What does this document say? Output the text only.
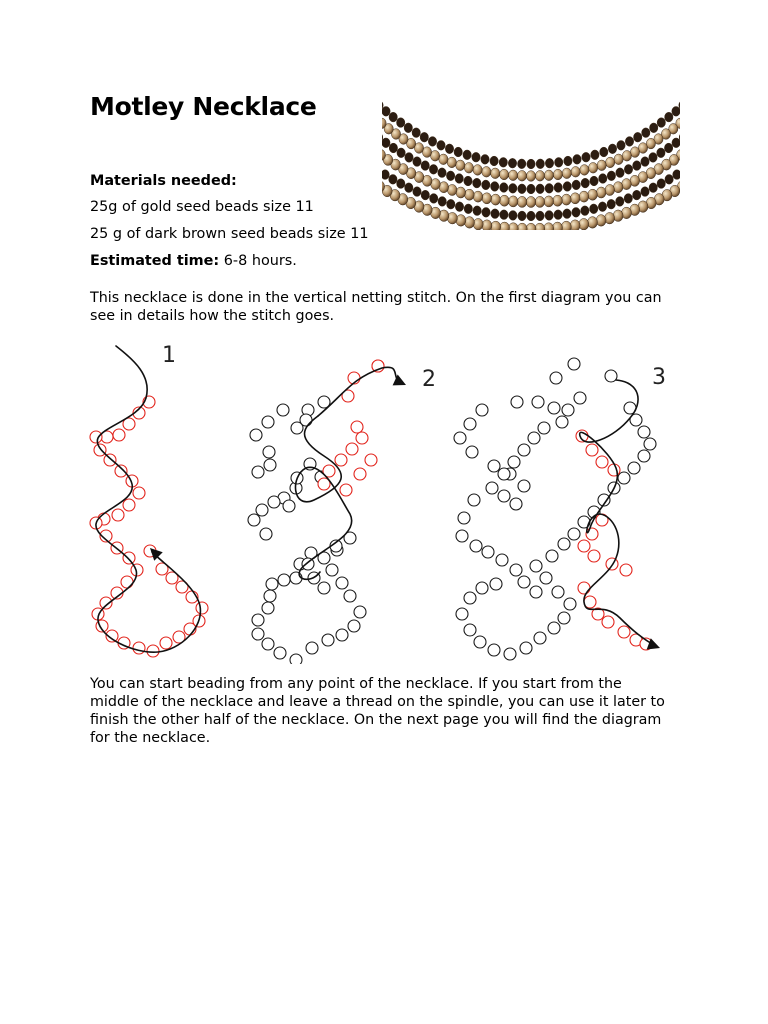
Motley Necklace
Materials needed:
25g of gold seed beads size 11
25 g of dark brown seed beads size 11
Estimated time: 6-8 hours.
This necklace is done in the vertical netting stitch. On the first diagram you can see in details how the stitch goes.
1
2	3
You can start beading from any point of the necklace. If you start from the middle of the necklace and leave a thread on the spindle, you can use it later to finish the other half of the necklace. On the next page you will find the diagram for the necklace.
